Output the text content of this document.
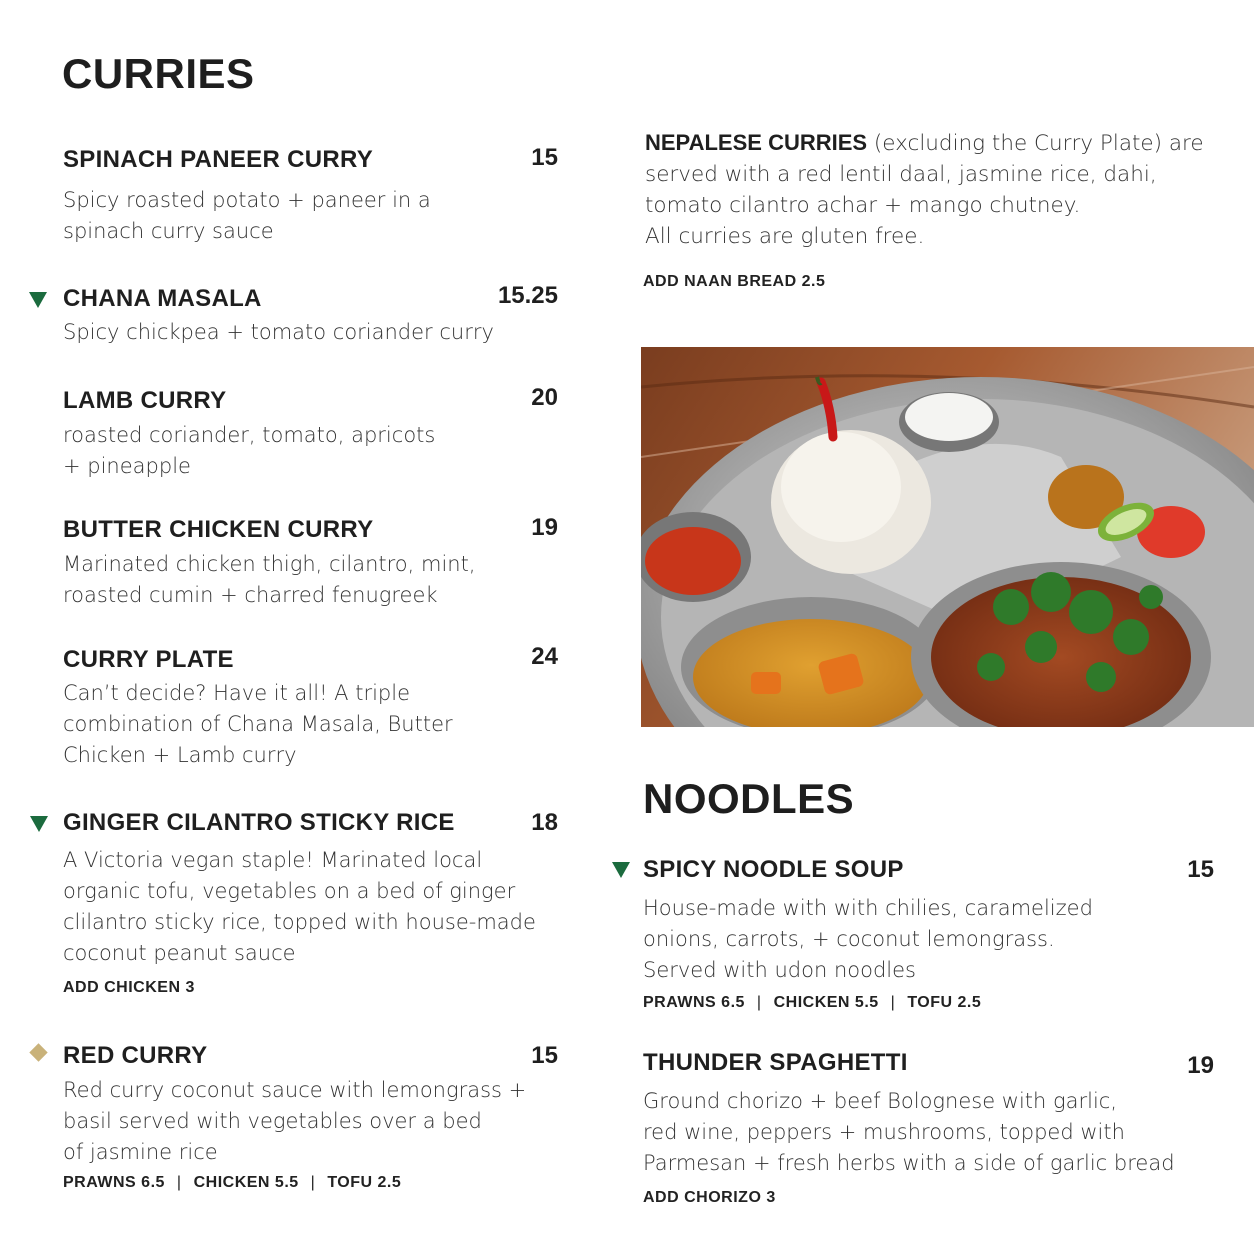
CURRIES
SPINACH PANEER CURRY	15
Spicy roasted potato + paneer in a
spinach curry sauce
CHANA MASALA	15.25
Spicy chickpea + tomato coriander curry
LAMB CURRY	20
roasted coriander, tomato, apricots
+ pineapple
BUTTER CHICKEN CURRY	19
Marinated chicken thigh, cilantro, mint,
roasted cumin + charred fenugreek
CURRY PLATE	24
Can’t decide? Have it all! A triple
combination of Chana Masala, Butter
Chicken + Lamb curry
GINGER CILANTRO STICKY RICE	18
A Victoria vegan staple! Marinated local
organic tofu, vegetables on a bed of ginger
clilantro sticky rice, topped with house-made
coconut peanut sauce
ADD CHICKEN 3
RED CURRY	15
Red curry coconut sauce with lemongrass +
basil served with vegetables over a bed
of jasmine rice
PRAWNS 6.5 | CHICKEN 5.5 | TOFU 2.5
NEPALESE CURRIES (excluding the Curry Plate) are
served with a red lentil daal, jasmine rice, dahi,
tomato cilantro achar + mango chutney.
All curries are gluten free.
ADD NAAN BREAD 2.5
NOODLES
SPICY NOODLE SOUP	15
House-made with with chilies, caramelized
onions, carrots, + coconut lemongrass.
Served with udon noodles
PRAWNS 6.5 | CHICKEN 5.5 | TOFU 2.5
THUNDER SPAGHETTI	19
Ground chorizo + beef Bolognese with garlic,
red wine, peppers + mushrooms, topped with
Parmesan + fresh herbs with a side of garlic bread
ADD CHORIZO 3
